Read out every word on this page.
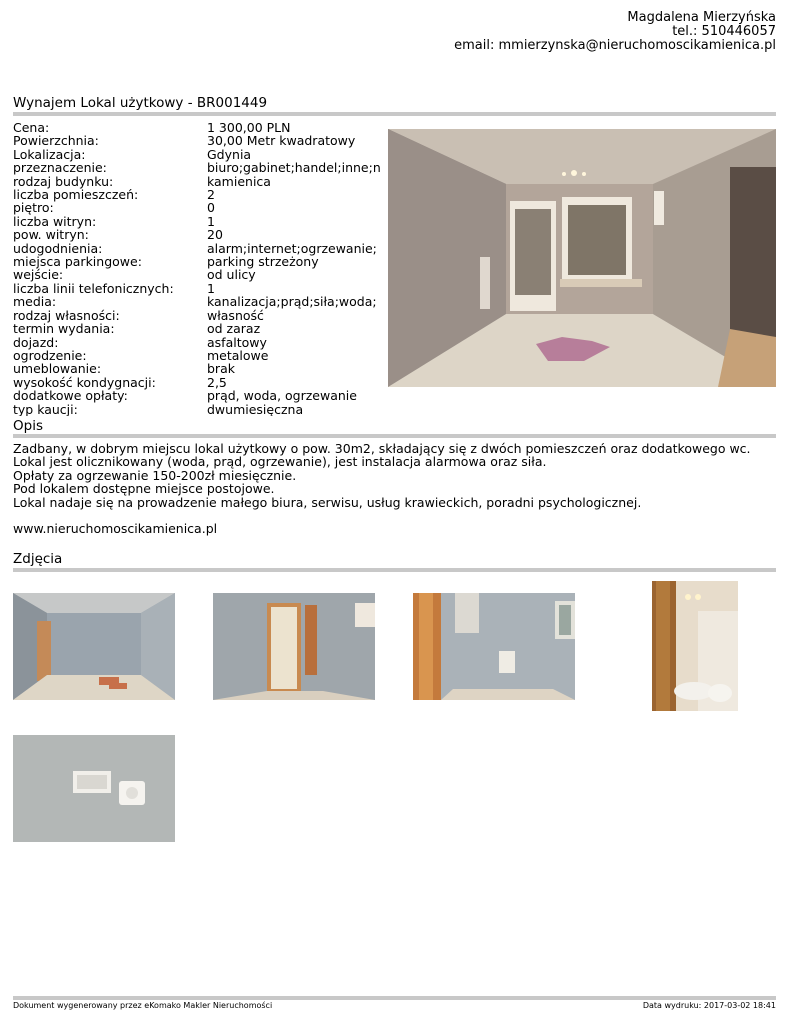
Magdalena Mierzyńska
tel.: 510446057
email: mmierzynska@nieruchomoscikamienica.pl
Wynajem Lokal użytkowy - BR001449
Cena:	1 300,00 PLN
Powierzchnia:	30,00 Metr kwadratowy
Lokalizacja:	Gdynia
przeznaczenie:	biuro;gabinet;handel;inne;n
rodzaj budynku:	kamienica
liczba pomieszczeń:	2
piętro:	0
liczba witryn:	1
pow. witryn:	20
udogodnienia:	alarm;internet;ogrzewanie;
miejsca parkingowe:	parking strzeżony
wejście:	od ulicy
liczba linii telefonicznych:	1
media:	kanalizacja;prąd;siła;woda;
rodzaj własności:	własność
termin wydania:	od zaraz
dojazd:	asfaltowy
ogrodzenie:	metalowe
umeblowanie:	brak
wysokość kondygnacji:	2,5
dodatkowe opłaty:	prąd, woda, ogrzewanie
typ kaucji:	dwumiesięczna
Opis

Zadbany, w dobrym miejscu lokal użytkowy o pow. 30m2, składający się z dwóch pomieszczeń oraz dodatkowego wc.

Lokal jest olicznikowany (woda, prąd, ogrzewanie), jest instalacja alarmowa oraz siła.

Opłaty za ogrzewanie 150-200zł miesięcznie.

Pod lokalem dostępne miejsce postojowe.

Lokal nadaje się na prowadzenie małego biura, serwisu, usług krawieckich, poradni psychologicznej.

www.nieruchomoscikamienica.pl

Zdjęcia
Dokument wygenerowany przez eKomako Makler Nieruchomości	Data wydruku: 2017-03-02 18:41
